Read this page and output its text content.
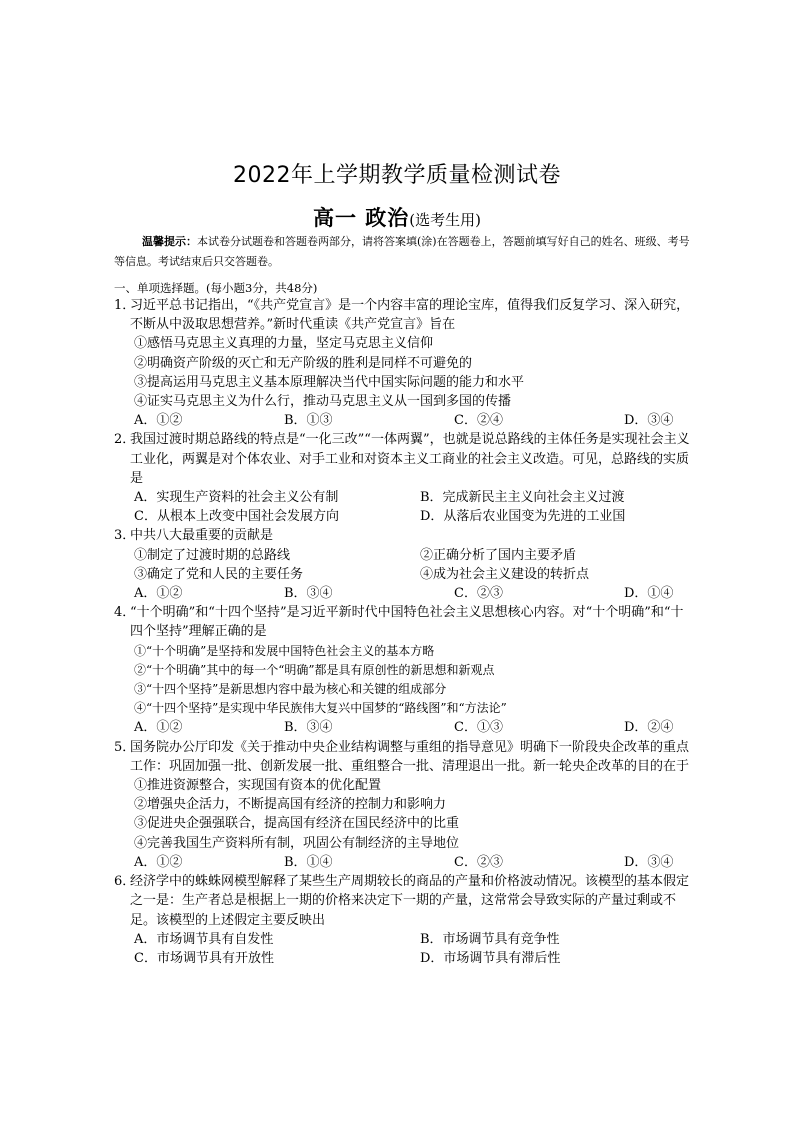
2022年上学期教学质量检测试卷
高一 政治(选考生用)
温馨提示：本试卷分试题卷和答题卷两部分，请将答案填(涂)在答题卷上，答题前填写好自己的姓名、班级、考号等信息。考试结束后只交答题卷。
一、单项选择题。(每小题3分，共48分)
1．习近平总书记指出，“《共产党宣言》是一个内容丰富的理论宝库，值得我们反复学习、深入研究，不断从中汲取思想营养。”新时代重读《共产党宣言》旨在
①感悟马克思主义真理的力量，坚定马克思主义信仰
②明确资产阶级的灭亡和无产阶级的胜利是同样不可避免的
③提高运用马克思主义基本原理解决当代中国实际问题的能力和水平
④证实马克思主义为什么行，推动马克思主义从一国到多国的传播
A．①②	B．①③	C．②④	D．③④
2．我国过渡时期总路线的特点是“一化三改”“一体两翼”，也就是说总路线的主体任务是实现社会主义工业化，两翼是对个体农业、对手工业和对资本主义工商业的社会主义改造。可见，总路线的实质是
A．实现生产资料的社会主义公有制	B．完成新民主主义向社会主义过渡
C．从根本上改变中国社会发展方向	D．从落后农业国变为先进的工业国
3．中共八大最重要的贡献是
①制定了过渡时期的总路线	②正确分析了国内主要矛盾
③确定了党和人民的主要任务	④成为社会主义建设的转折点
A．①②	B．③④	C．②③	D．①④
4．“十个明确”和“十四个坚持”是习近平新时代中国特色社会主义思想核心内容。对“十个明确”和“十四个坚持”理解正确的是
①“十个明确”是坚持和发展中国特色社会主义的基本方略
②“十个明确”其中的每一个“明确”都是具有原创性的新思想和新观点
③“十四个坚持”是新思想内容中最为核心和关键的组成部分
④“十四个坚持”是实现中华民族伟大复兴中国梦的“路线图”和“方法论”
A．①②	B．③④	C．①③	D．②④
5．国务院办公厅印发《关于推动中央企业结构调整与重组的指导意见》明确下一阶段央企改革的重点工作：巩固加强一批、创新发展一批、重组整合一批、清理退出一批。新一轮央企改革的目的在于
①推进资源整合，实现国有资本的优化配置
②增强央企活力，不断提高国有经济的控制力和影响力
③促进央企强强联合，提高国有经济在国民经济中的比重
④完善我国生产资料所有制，巩固公有制经济的主导地位
A．①②	B．①④	C．②③	D．③④
6．经济学中的蛛蛛网模型解释了某些生产周期较长的商品的产量和价格波动情况。该模型的基本假定之一是：生产者总是根据上一期的价格来决定下一期的产量，这常常会导致实际的产量过剩或不足。该模型的上述假定主要反映出
A．市场调节具有自发性	B．市场调节具有竞争性
C．市场调节具有开放性	D．市场调节具有滞后性
